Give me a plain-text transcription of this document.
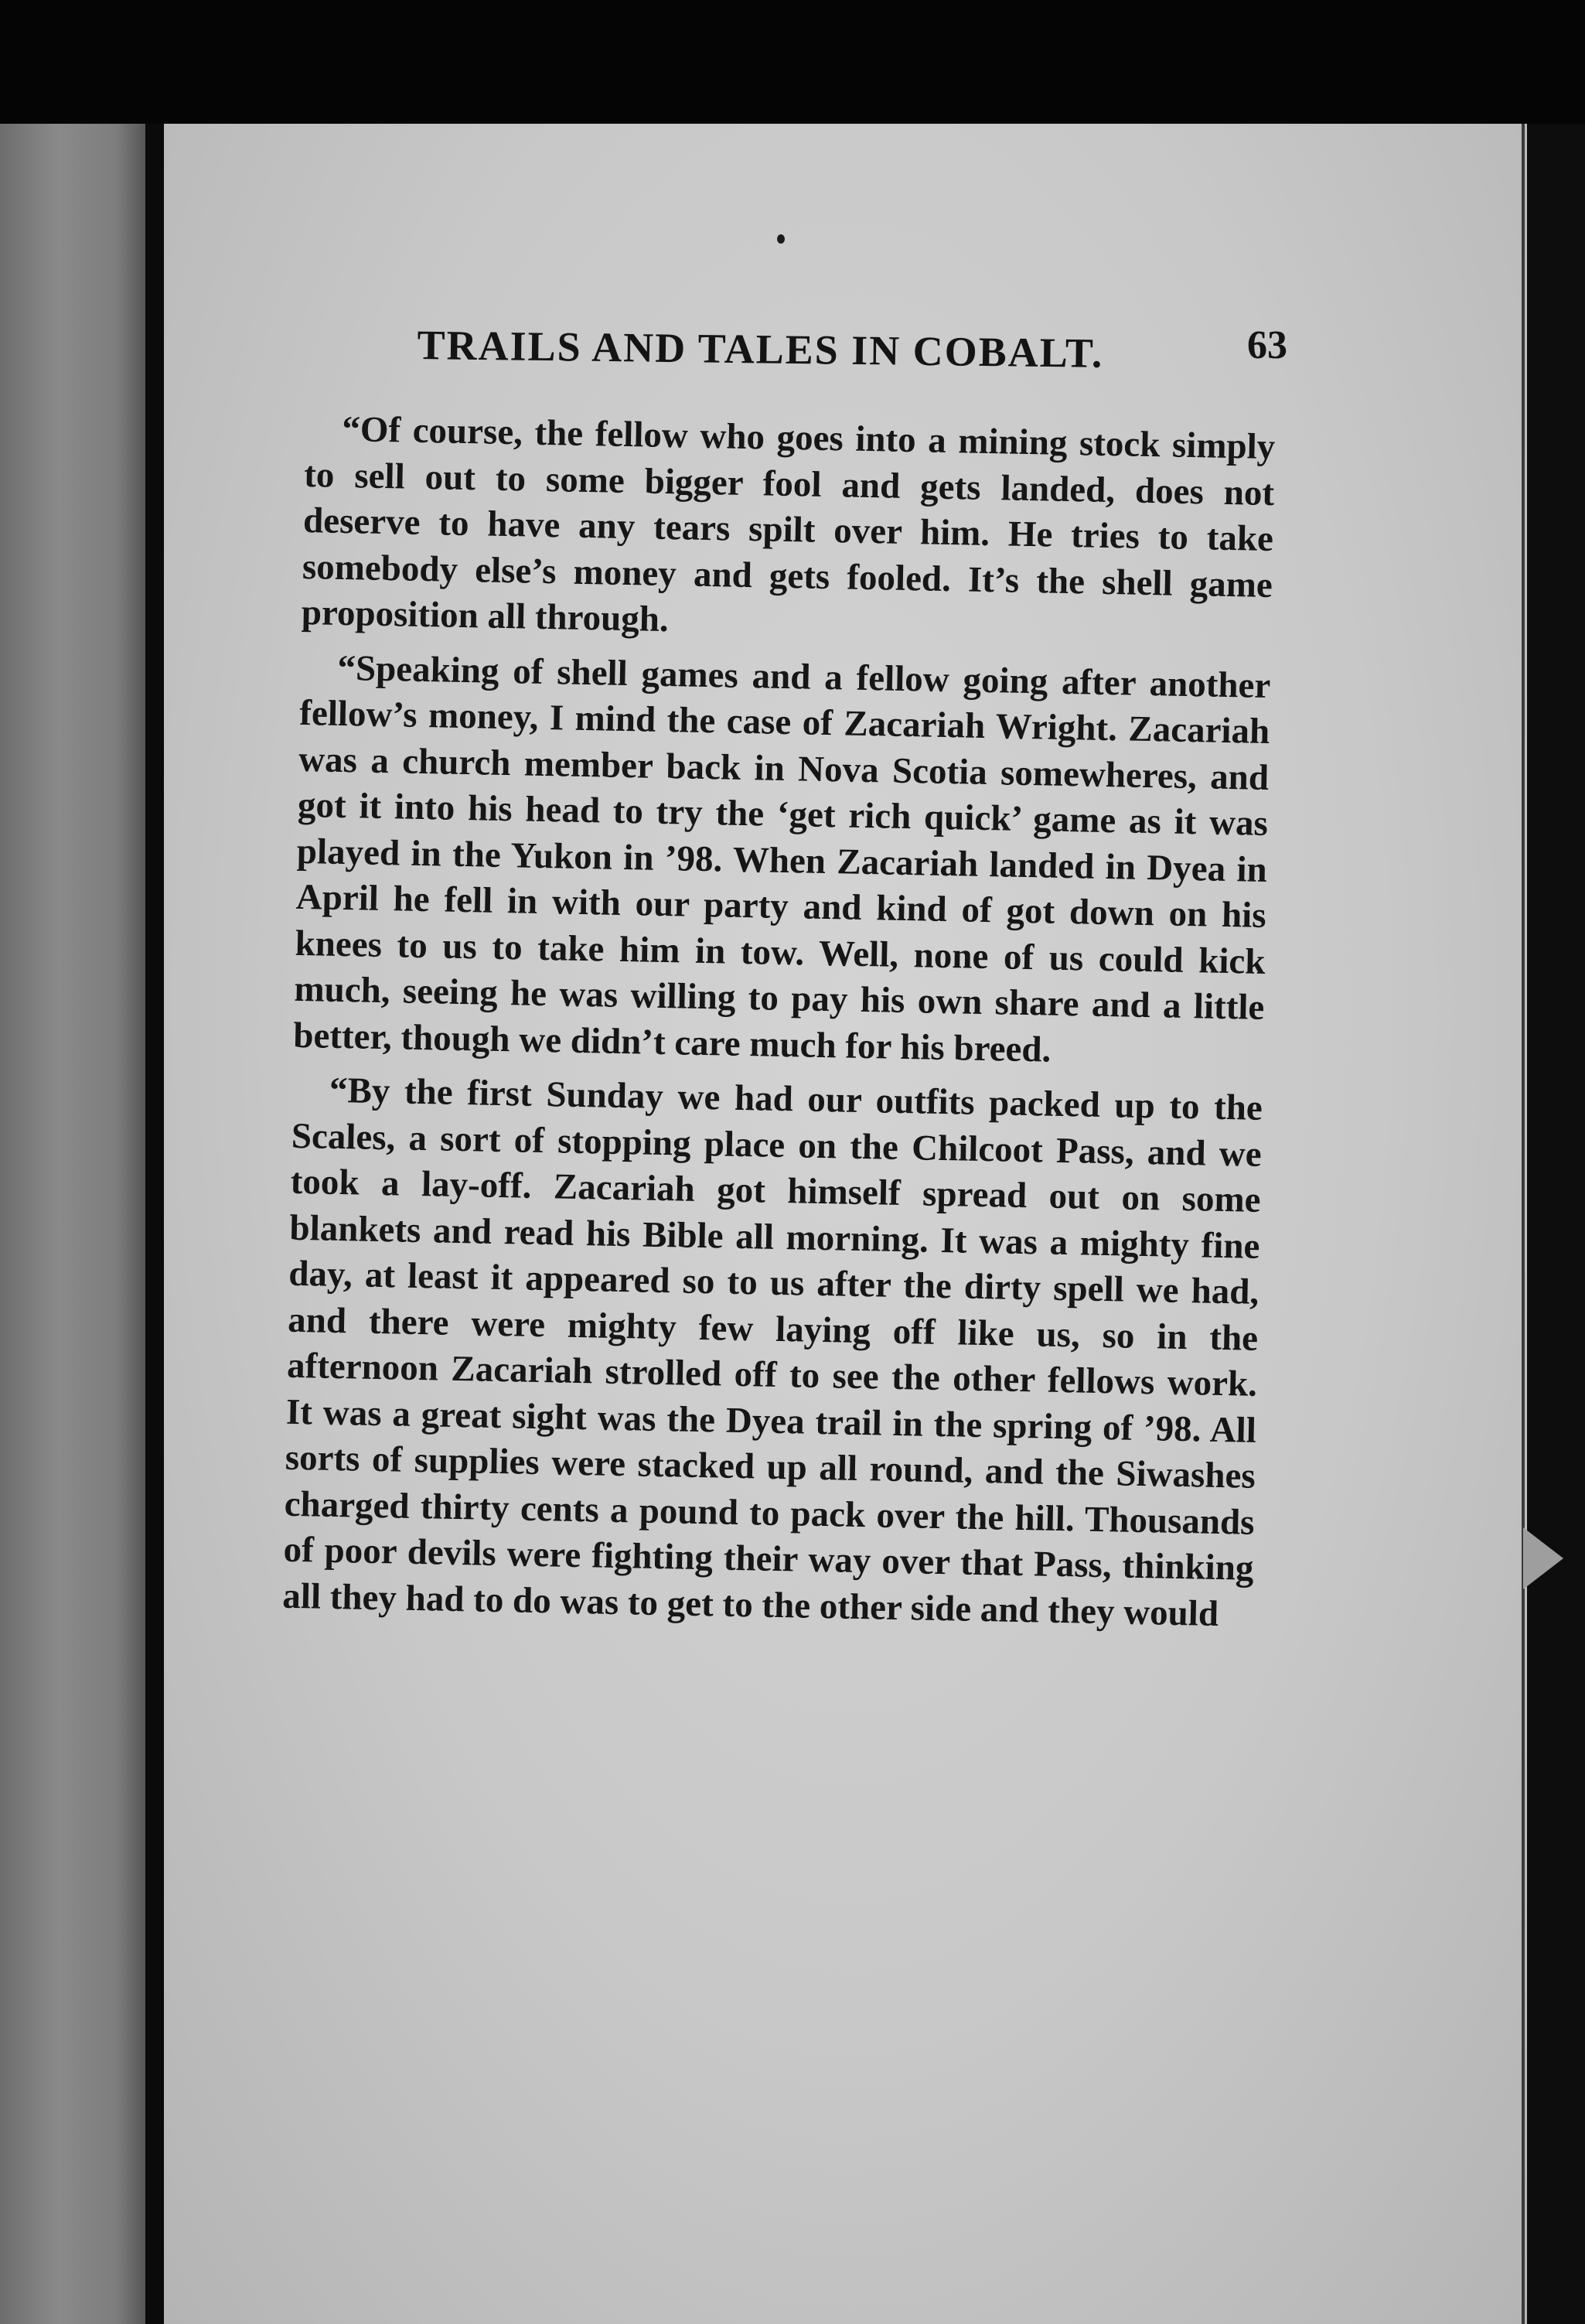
TRAILS AND TALES IN COBALT.	63

“Of course, the fellow who goes into a mining stock simply to sell out to some bigger fool and gets landed, does not deserve to have any tears spilt over him. He tries to take somebody else’s money and gets fooled. It’s the shell game proposition all through.

“Speaking of shell games and a fellow going after another fellow’s money, I mind the case of Zacariah Wright. Zacariah was a church member back in Nova Scotia somewheres, and got it into his head to try the ‘get rich quick’ game as it was played in the Yukon in ’98. When Zacariah landed in Dyea in April he fell in with our party and kind of got down on his knees to us to take him in tow. Well, none of us could kick much, seeing he was willing to pay his own share and a little better, though we didn’t care much for his breed.

“By the first Sunday we had our outfits packed up to the Scales, a sort of stopping place on the Chilcoot Pass, and we took a lay-off. Zacariah got himself spread out on some blankets and read his Bible all morning. It was a mighty fine day, at least it appeared so to us after the dirty spell we had, and there were mighty few laying off like us, so in the afternoon Zacariah strolled off to see the other fellows work. It was a great sight was the Dyea trail in the spring of ’98. All sorts of supplies were stacked up all round, and the Siwashes charged thirty cents a pound to pack over the hill. Thousands of poor devils were fighting their way over that Pass, thinking all they had to do was to get to the other side and they would
